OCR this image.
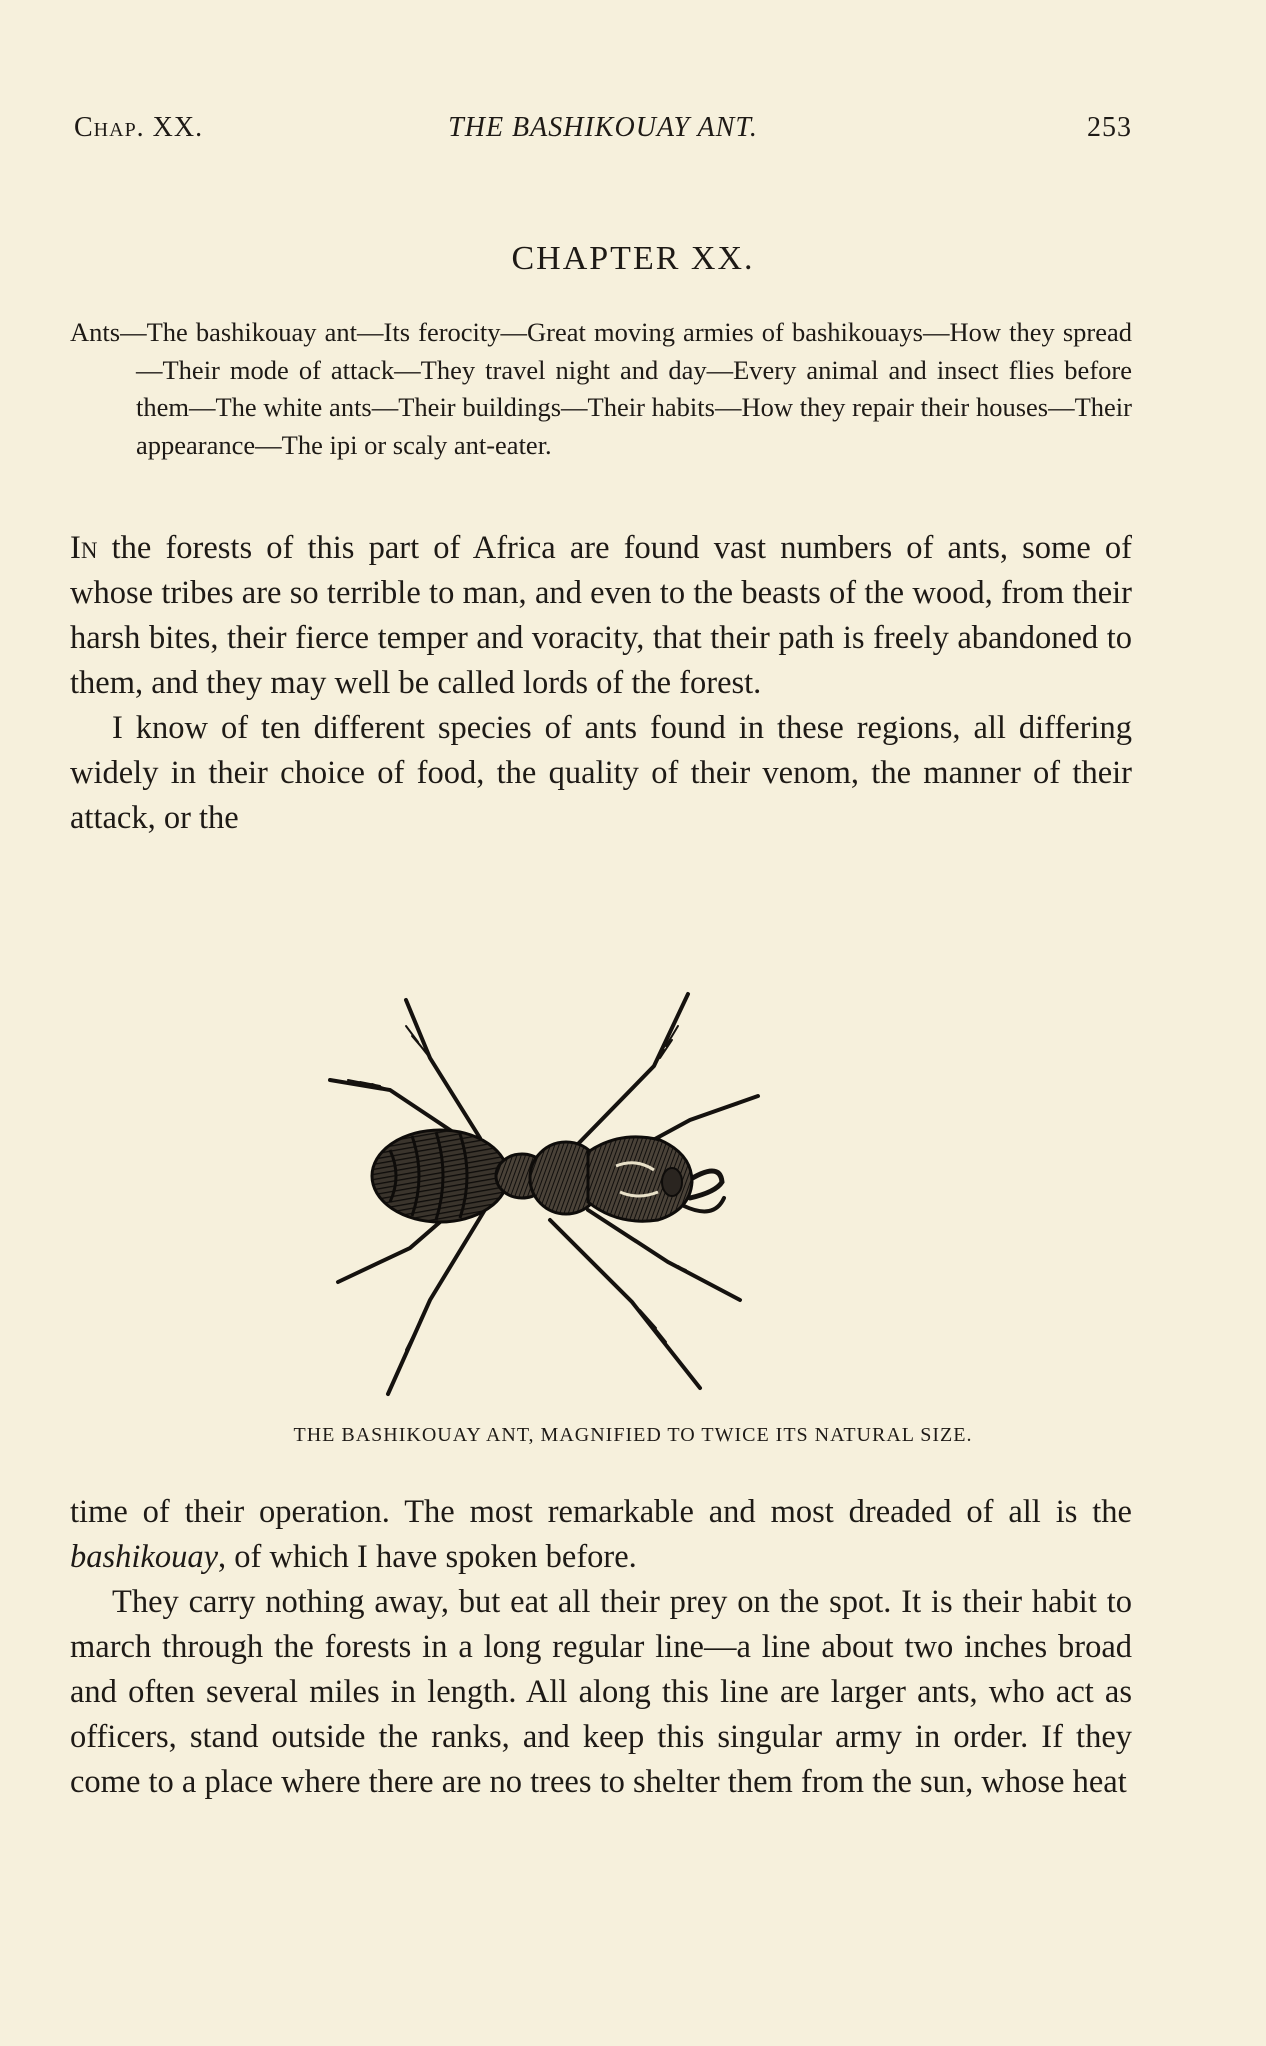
Chap. XX.	THE BASHIKOUAY ANT.	253
CHAPTER XX.
Ants—The bashikouay ant—Its ferocity—Great moving armies of bashikouays—How they spread—Their mode of attack—They travel night and day—Every animal and insect flies before them—The white ants—Their buildings—Their habits—How they repair their houses—Their appearance—The ipi or scaly ant-eater.

In the forests of this part of Africa are found vast numbers of ants, some of whose tribes are so terrible to man, and even to the beasts of the wood, from their harsh bites, their fierce temper and voracity, that their path is freely abandoned to them, and they may well be called lords of the forest.

I know of ten different species of ants found in these regions, all differing widely in their choice of food, the quality of their venom, the manner of their attack, or the

THE BASHIKOUAY ANT, MAGNIFIED TO TWICE ITS NATURAL SIZE.

time of their operation. The most remarkable and most dreaded of all is the bashikouay, of which I have spoken before.

They carry nothing away, but eat all their prey on the spot. It is their habit to march through the forests in a long regular line—a line about two inches broad and often several miles in length. All along this line are larger ants, who act as officers, stand outside the ranks, and keep this singular army in order. If they come to a place where there are no trees to shelter them from the sun, whose heat
